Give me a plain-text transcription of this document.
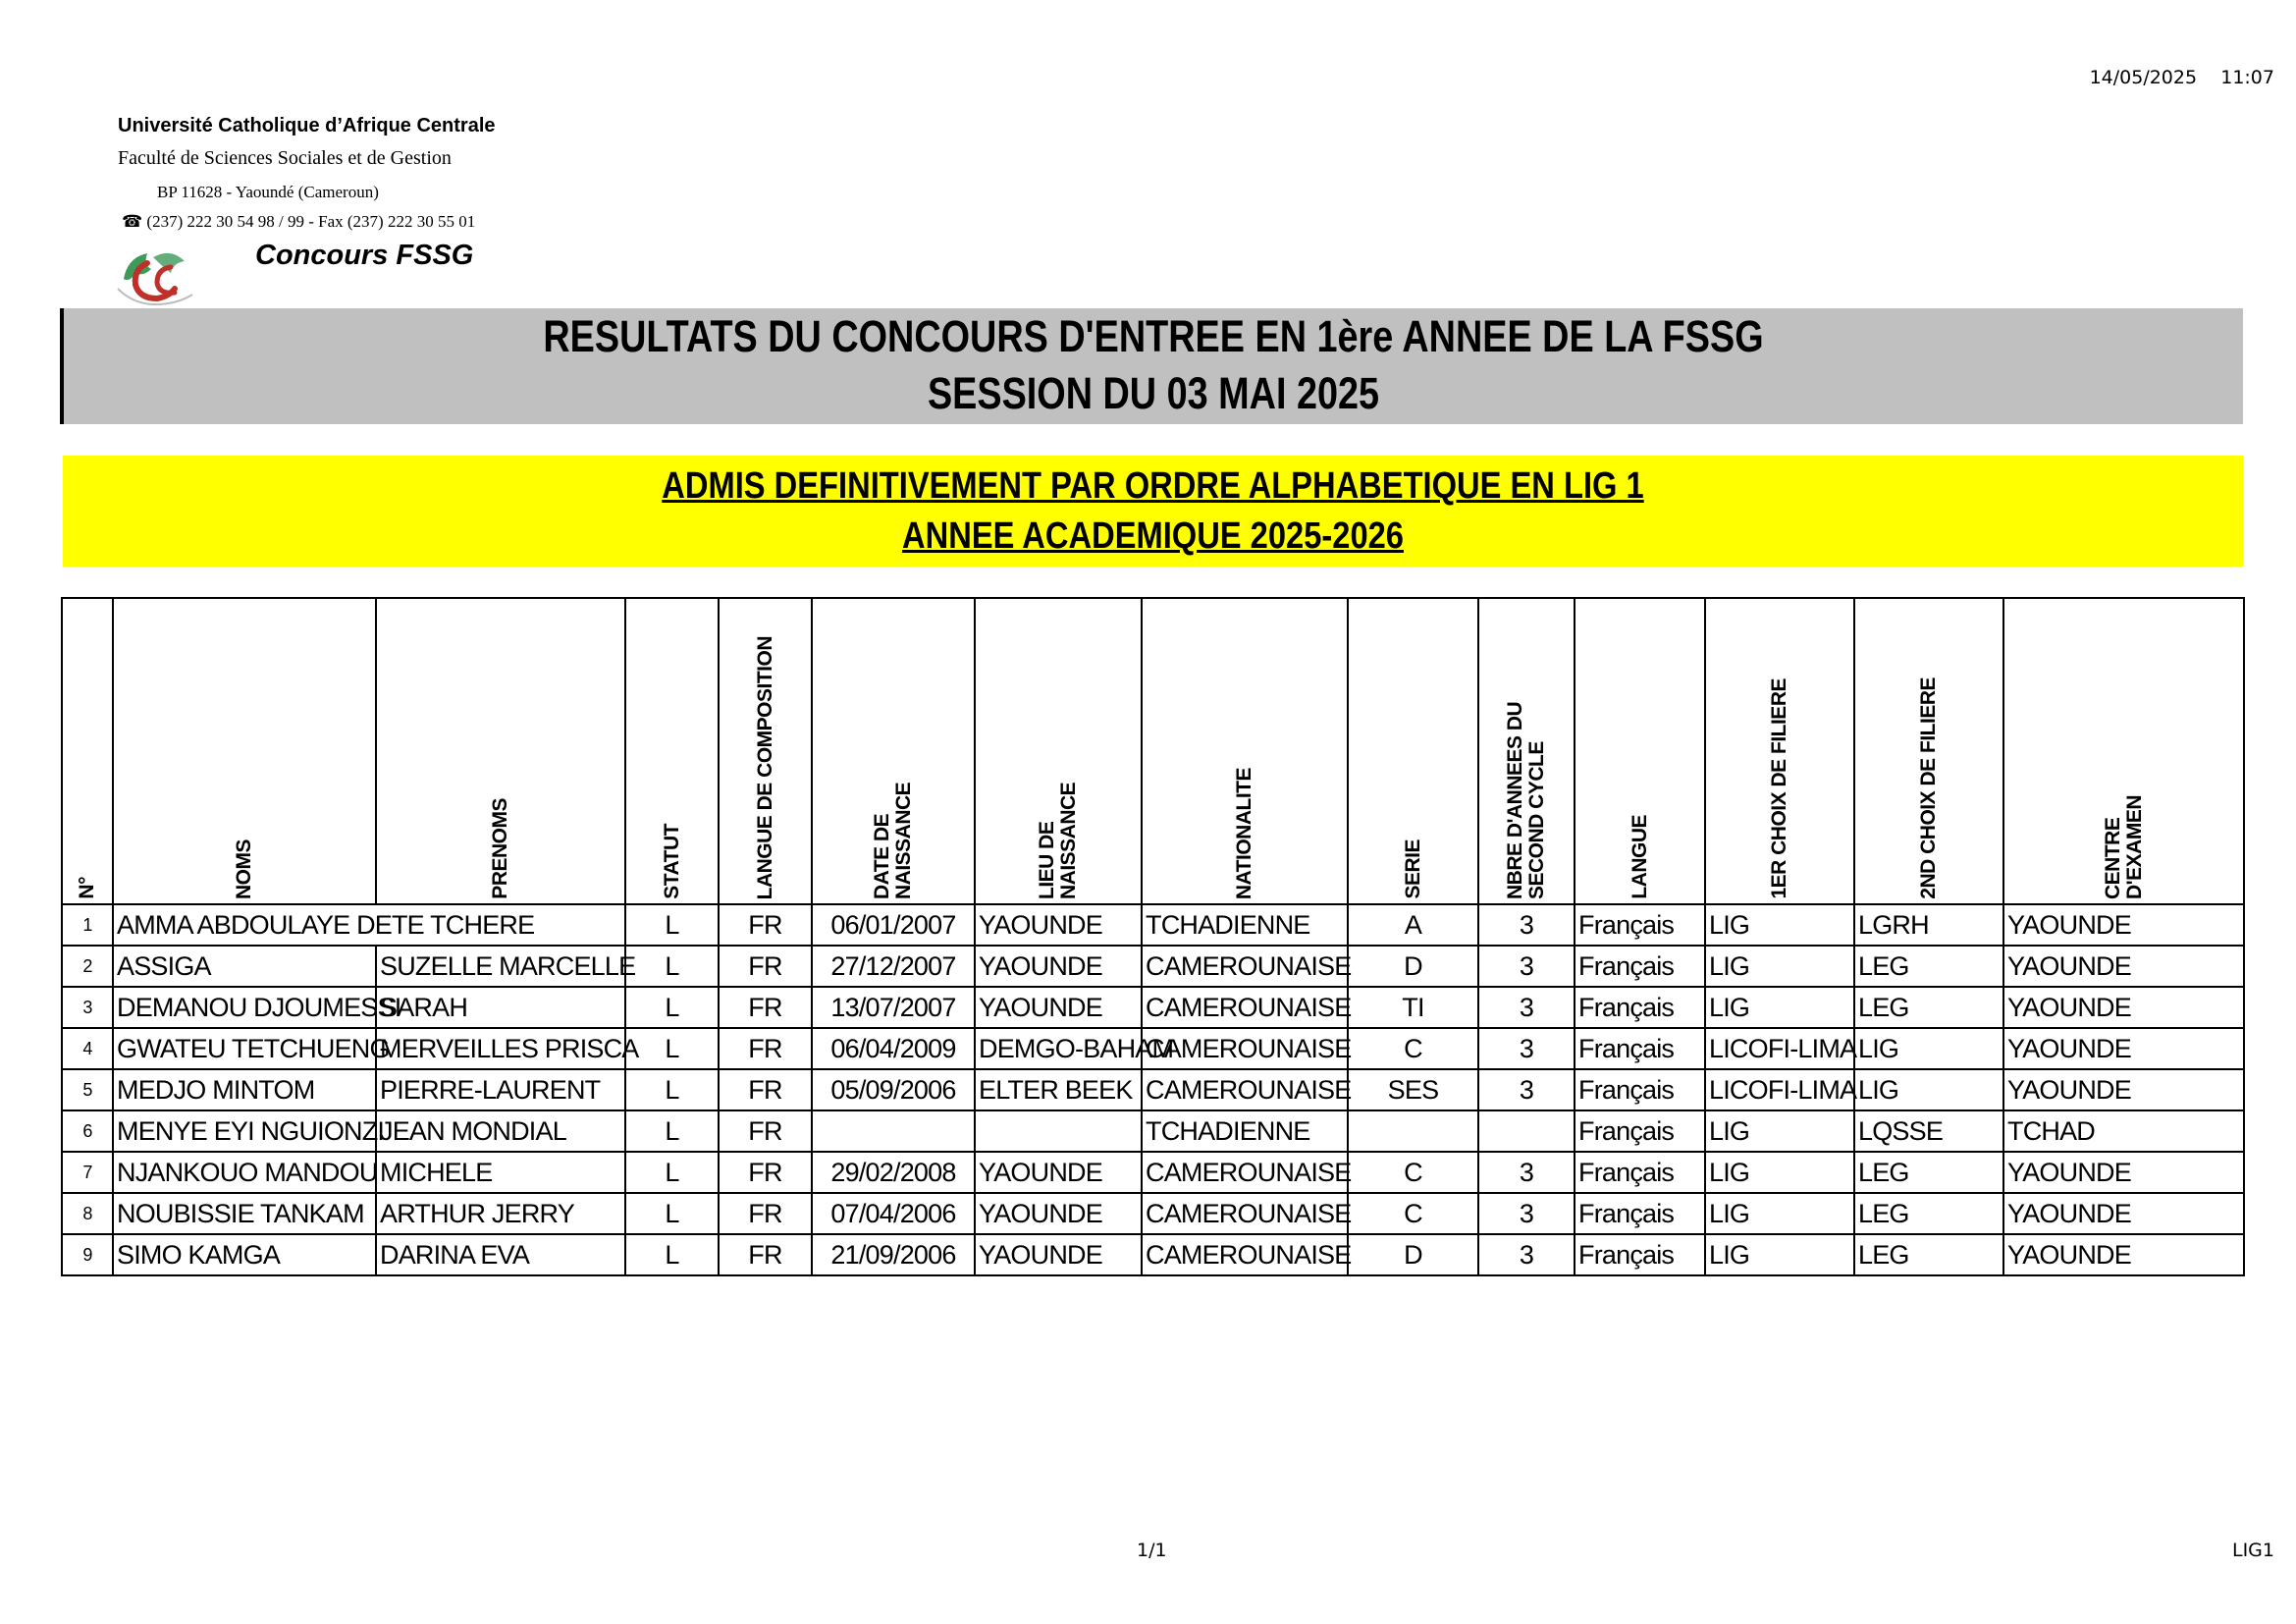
14/05/2025    11:07
Université Catholique d’Afrique Centrale
Faculté de Sciences Sociales et de Gestion
BP 11628 - Yaoundé (Cameroun)
☎ (237) 222 30 54 98 / 99 - Fax (237) 222 30 55 01
Concours FSSG
RESULTATS DU CONCOURS D'ENTREE EN 1ère ANNEE DE LA FSSG
SESSION DU 03 MAI 2025
ADMIS DEFINITIVEMENT PAR ORDRE ALPHABETIQUE EN LIG 1
ANNEE ACADEMIQUE 2025-2026
N°	NOMS	PRENOMS	STATUT	LANGUE DE COMPOSITION	DATE DE NAISSANCE	LIEU DE NAISSANCE	NATIONALITE	SERIE	NBRE D'ANNEES DU SECOND CYCLE	LANGUE	1ER CHOIX DE FILIERE	2ND CHOIX DE FILIERE	CENTRE D'EXAMEN

1	AMMA ABDOULAYE DETE TCHERE		L	FR	06/01/2007	YAOUNDE	TCHADIENNE	A	3	Français	LIG	LGRH	YAOUNDE
2	ASSIGA	SUZELLE MARCELLE	L	FR	27/12/2007	YAOUNDE	CAMEROUNAISE	D	3	Français	LIG	LEG	YAOUNDE
3	DEMANOU DJOUMESSI	SARAH	L	FR	13/07/2007	YAOUNDE	CAMEROUNAISE	TI	3	Français	LIG	LEG	YAOUNDE
4	GWATEU TETCHUENG	MERVEILLES PRISCA	L	FR	06/04/2009	DEMGO-BAHAM	CAMEROUNAISE	C	3	Français	LICOFI-LIMA	LIG	YAOUNDE
5	MEDJO MINTOM	PIERRE-LAURENT	L	FR	05/09/2006	ELTER BEEK	CAMEROUNAISE	SES	3	Français	LICOFI-LIMA	LIG	YAOUNDE
6	MENYE EYI NGUIONZI	JEAN MONDIAL	L	FR			TCHADIENNE			Français	LIG	LQSSE	TCHAD
7	NJANKOUO MANDOU	MICHELE	L	FR	29/02/2008	YAOUNDE	CAMEROUNAISE	C	3	Français	LIG	LEG	YAOUNDE
8	NOUBISSIE TANKAM	ARTHUR JERRY	L	FR	07/04/2006	YAOUNDE	CAMEROUNAISE	C	3	Français	LIG	LEG	YAOUNDE
9	SIMO KAMGA	DARINA EVA	L	FR	21/09/2006	YAOUNDE	CAMEROUNAISE	D	3	Français	LIG	LEG	YAOUNDE
1/1	LIG1
